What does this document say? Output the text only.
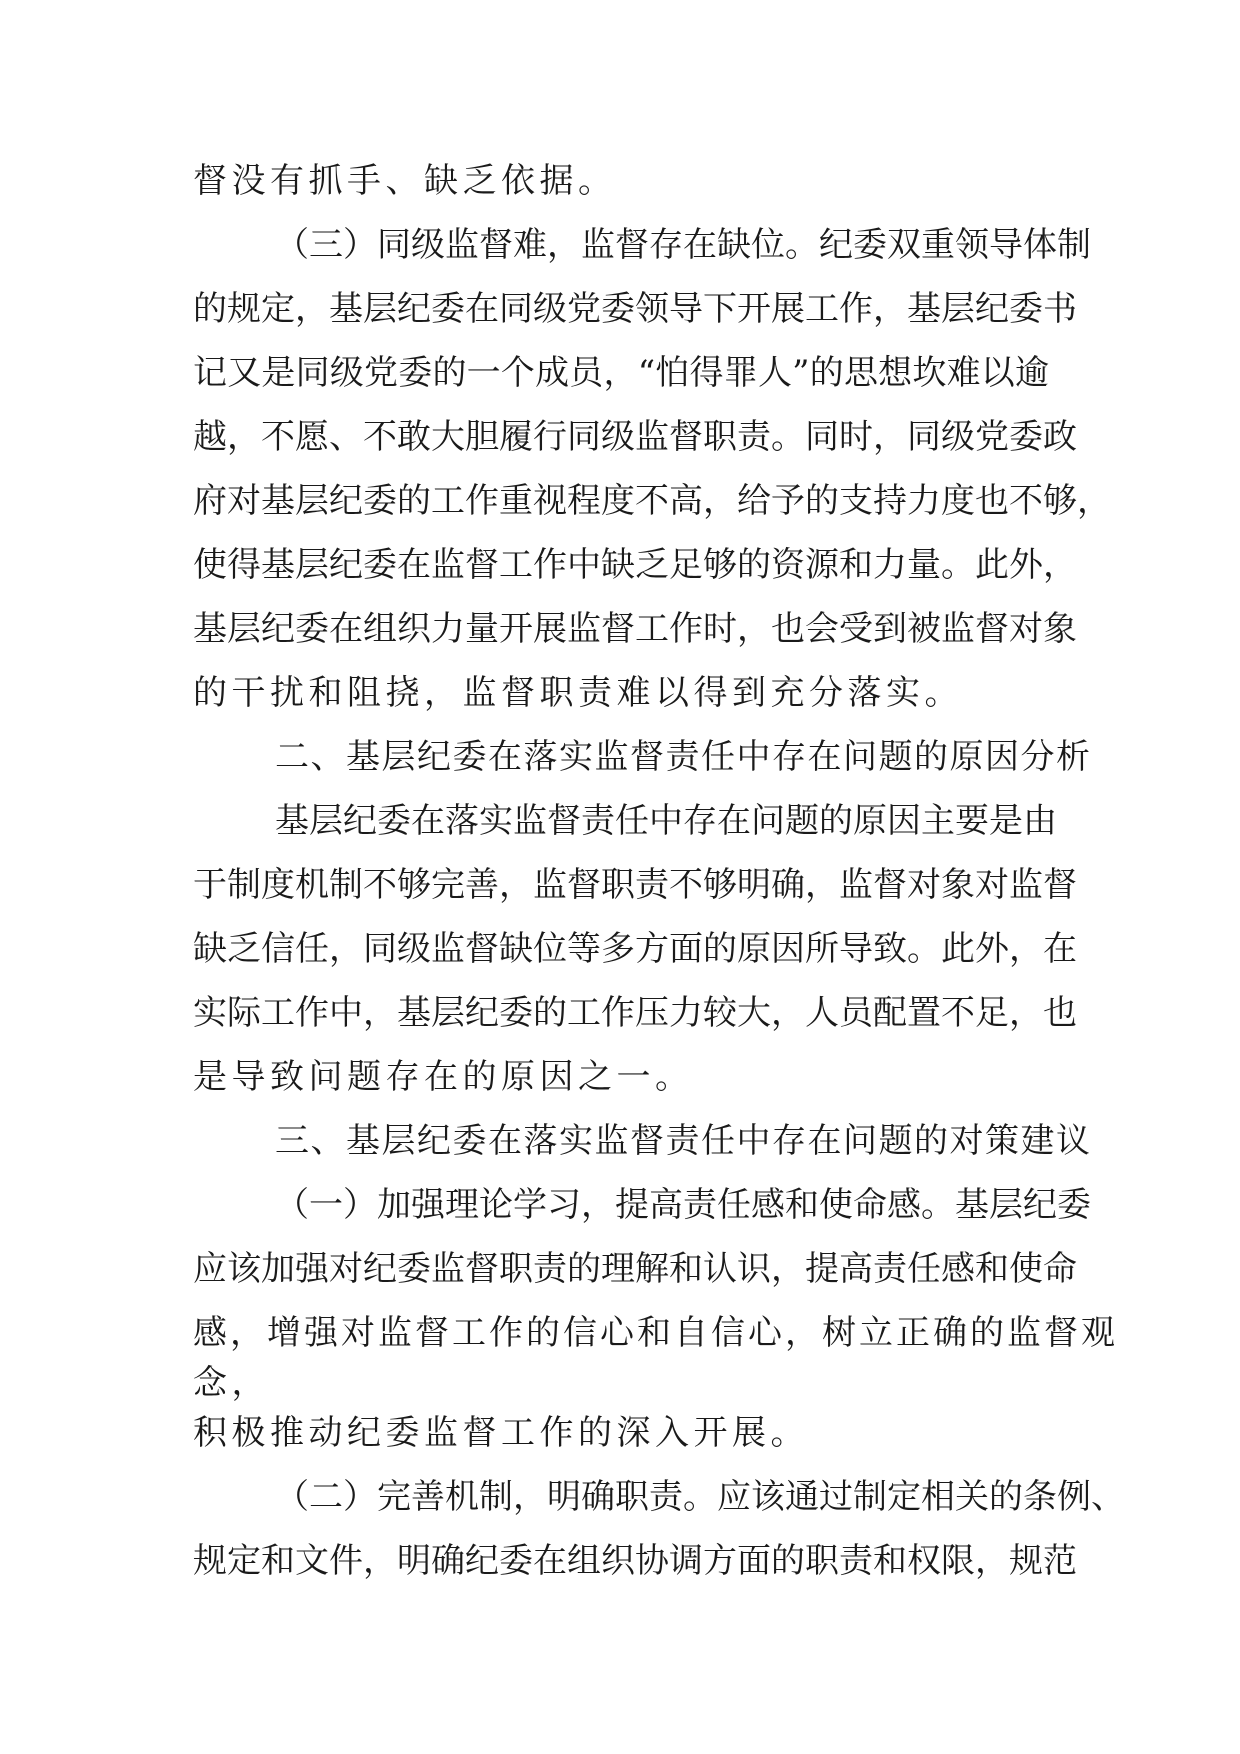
督没有抓手、缺乏依据。

（三）同级监督难，监督存在缺位。纪委双重领导体制

的规定，基层纪委在同级党委领导下开展工作，基层纪委书

记又是同级党委的一个成员，“怕得罪人”的思想坎难以逾

越，不愿、不敢大胆履行同级监督职责。同时，同级党委政

府对基层纪委的工作重视程度不高，给予的支持力度也不够，

使得基层纪委在监督工作中缺乏足够的资源和力量。此外，

基层纪委在组织力量开展监督工作时，也会受到被监督对象

的干扰和阻挠，监督职责难以得到充分落实。

二、基层纪委在落实监督责任中存在问题的原因分析

基层纪委在落实监督责任中存在问题的原因主要是由

于制度机制不够完善，监督职责不够明确，监督对象对监督

缺乏信任，同级监督缺位等多方面的原因所导致。此外，在

实际工作中，基层纪委的工作压力较大，人员配置不足，也

是导致问题存在的原因之一。

三、基层纪委在落实监督责任中存在问题的对策建议

（一）加强理论学习，提高责任感和使命感。基层纪委

应该加强对纪委监督职责的理解和认识，提高责任感和使命

感，增强对监督工作的信心和自信心，树立正确的监督观

念，

积极推动纪委监督工作的深入开展。

（二）完善机制，明确职责。应该通过制定相关的条例、

规定和文件，明确纪委在组织协调方面的职责和权限，规范
